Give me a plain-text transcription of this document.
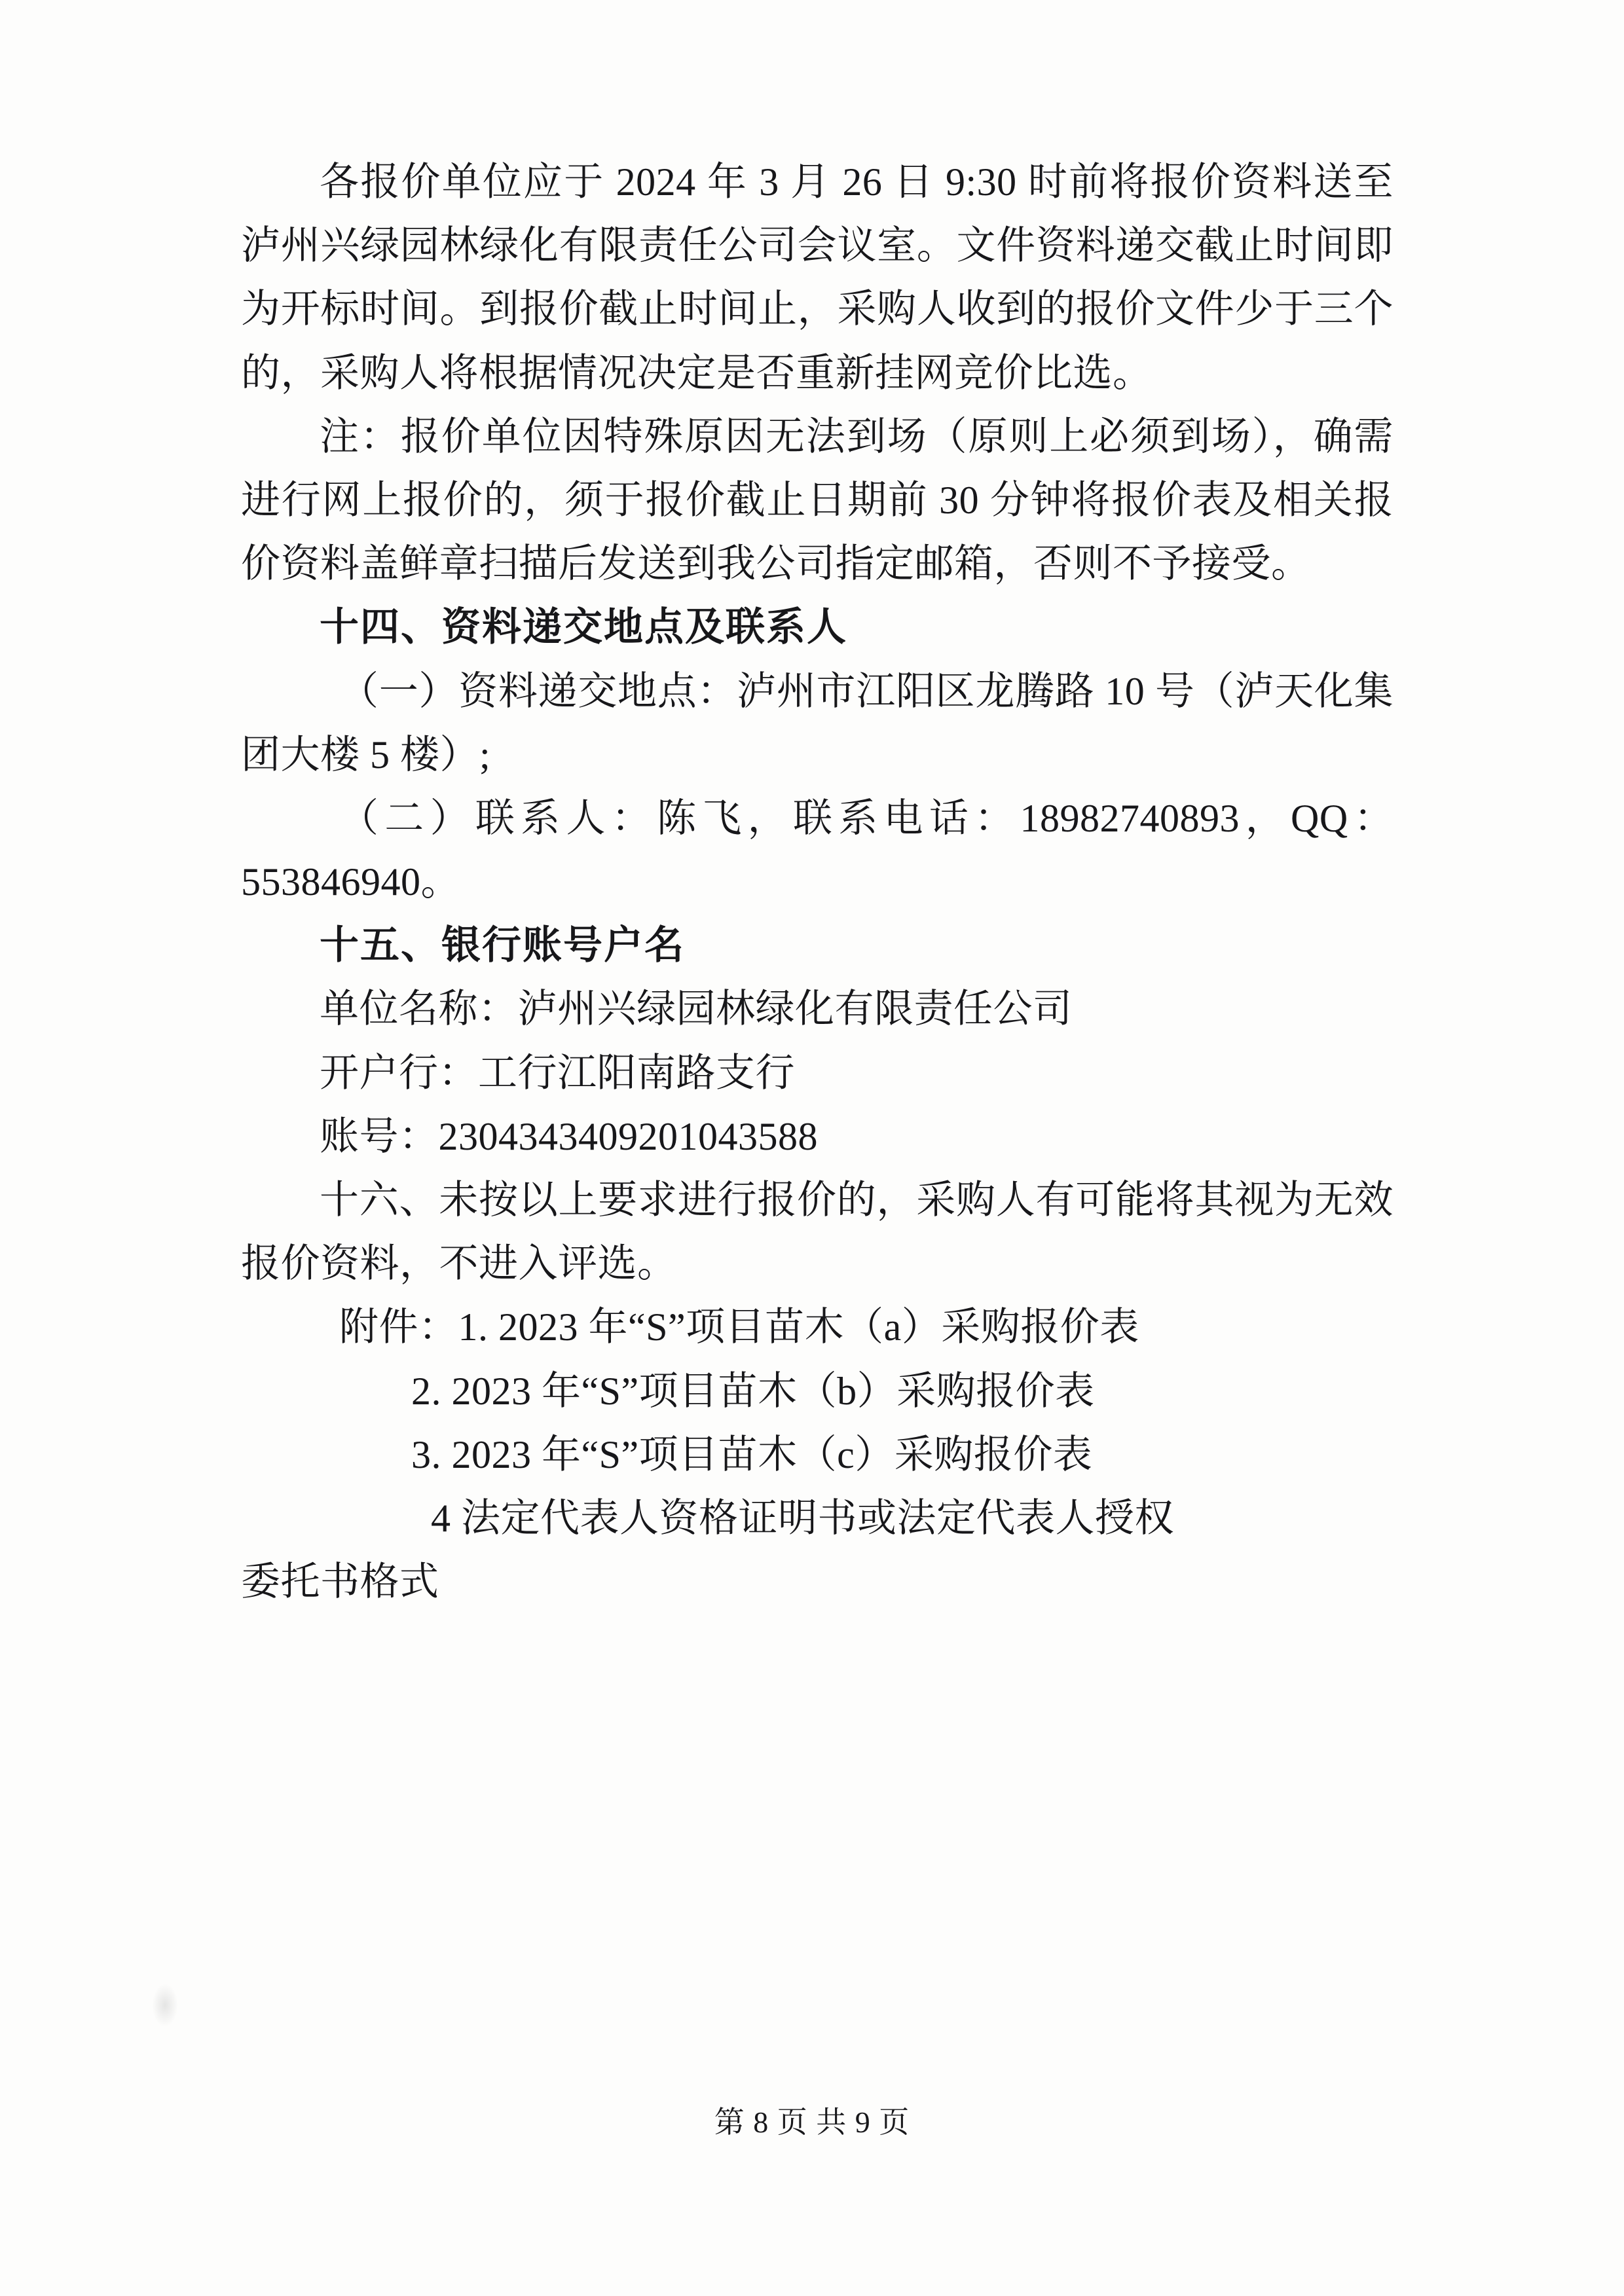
各报价单位应于 2024 年 3 月 26 日 9:30 时前将报价资料送至泸州兴绿园林绿化有限责任公司会议室。文件资料递交截止时间即为开标时间。到报价截止时间止，采购人收到的报价文件少于三个的，采购人将根据情况决定是否重新挂网竞价比选。

注：报价单位因特殊原因无法到场（原则上必须到场），确需进行网上报价的，须于报价截止日期前 30 分钟将报价表及相关报价资料盖鲜章扫描后发送到我公司指定邮箱，否则不予接受。

十四、资料递交地点及联系人

（一）资料递交地点：泸州市江阳区龙腾路 10 号（泸天化集团大楼 5 楼）;

（二）联系人：陈飞，联系电话：18982740893，QQ：553846940。

十五、银行账号户名

单位名称：泸州兴绿园林绿化有限责任公司

开户行：工行江阳南路支行

账号：2304343409201043588

十六、未按以上要求进行报价的，采购人有可能将其视为无效报价资料，不进入评选。

附件：1. 2023 年“S”项目苗木（a）采购报价表

2. 2023 年“S”项目苗木（b）采购报价表

3. 2023 年“S”项目苗木（c）采购报价表

4 法定代表人资格证明书或法定代表人授权

委托书格式

第 8 页 共 9 页
